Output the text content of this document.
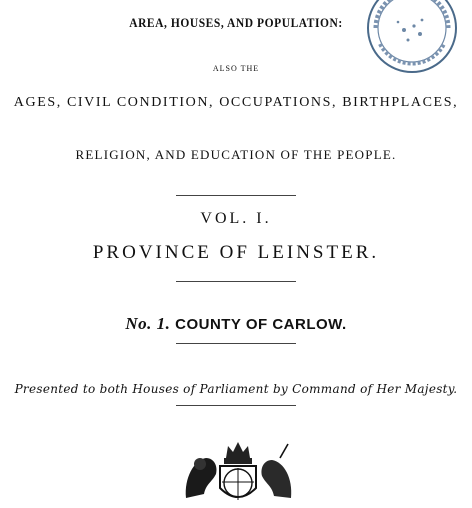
AREA, HOUSES, AND POPULATION:
ALSO THE
AGES, CIVIL CONDITION, OCCUPATIONS, BIRTHPLACES,
RELIGION, AND EDUCATION OF THE PEOPLE.
VOL. I.
PROVINCE OF LEINSTER.
No. 1. COUNTY OF CARLOW.
Presented to both Houses of Parliament by Command of Her Majesty.
